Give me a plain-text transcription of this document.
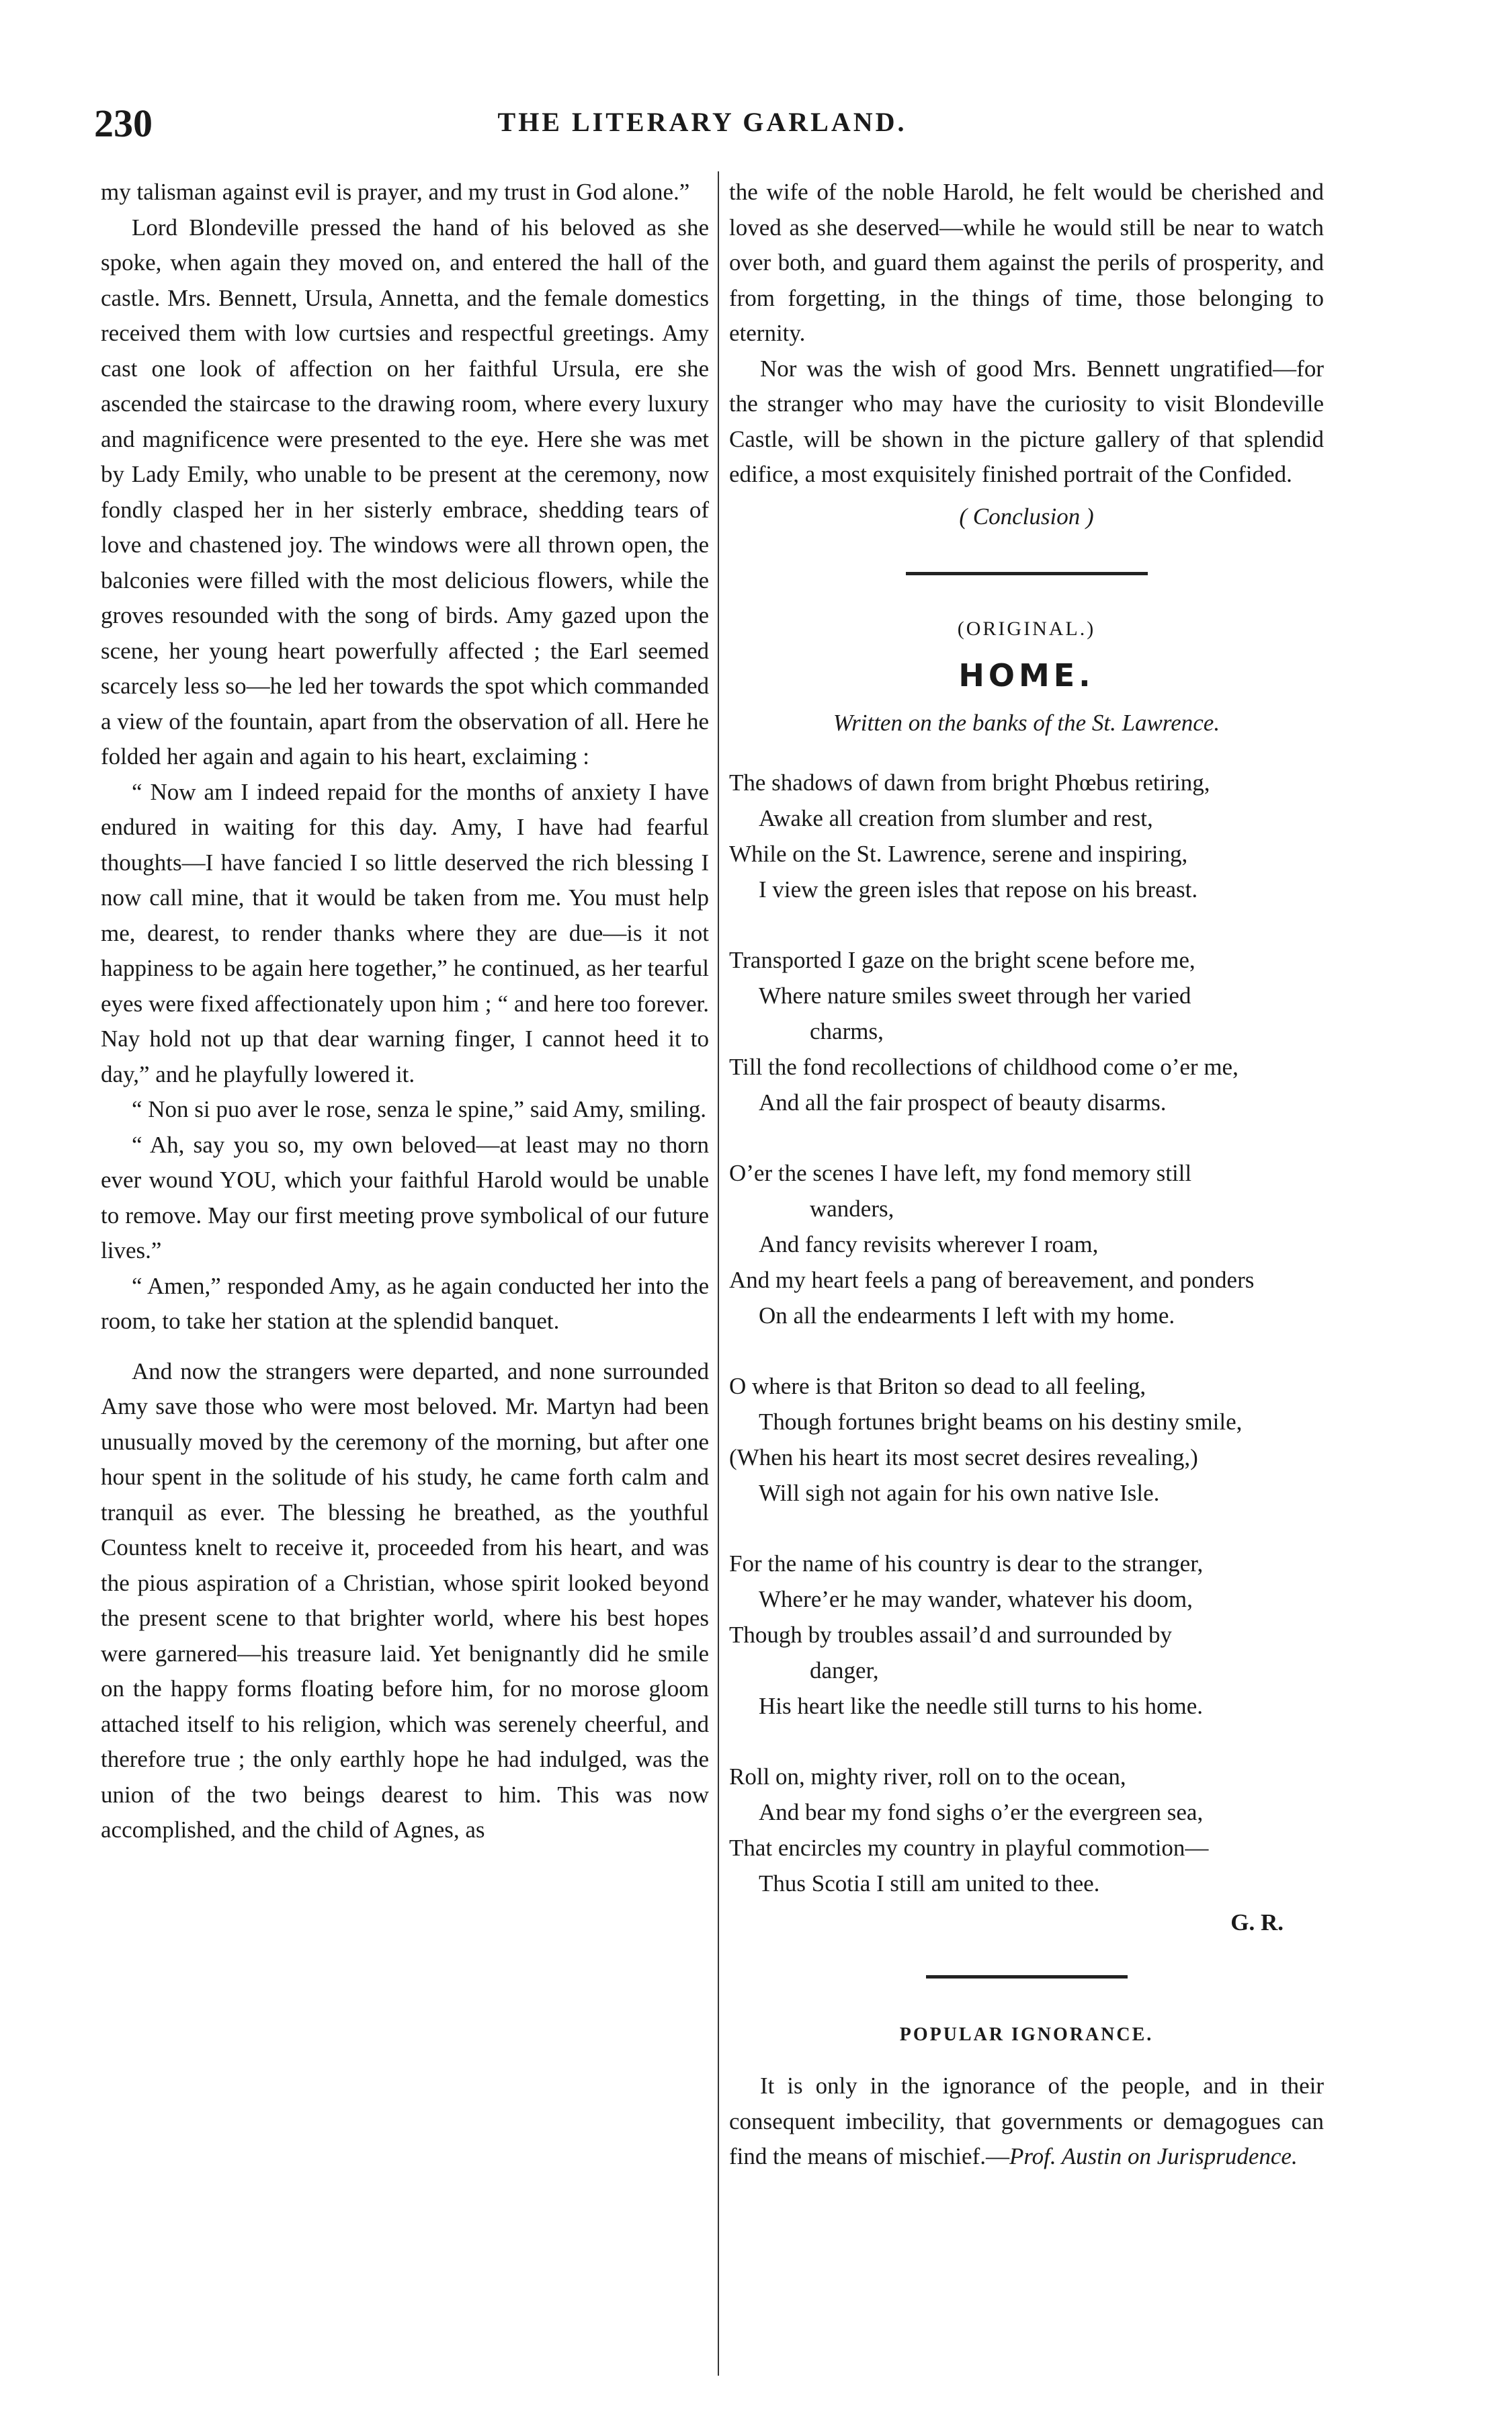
230	THE LITERARY GARLAND.

my talisman against evil is prayer, and my trust in God alone.”

Lord Blondeville pressed the hand of his beloved as she spoke, when again they moved on, and entered the hall of the castle. Mrs. Bennett, Ursula, Annetta, and the female domestics received them with low curtsies and respectful greetings. Amy cast one look of affection on her faithful Ursula, ere she ascended the staircase to the drawing room, where every luxury and magnificence were presented to the eye. Here she was met by Lady Emily, who unable to be present at the ceremony, now fondly clasped her in her sisterly embrace, shedding tears of love and chastened joy. The windows were all thrown open, the balconies were filled with the most delicious flowers, while the groves resounded with the song of birds. Amy gazed upon the scene, her young heart powerfully affected ; the Earl seemed scarcely less so—he led her towards the spot which commanded a view of the fountain, apart from the observation of all. Here he folded her again and again to his heart, exclaiming :

“ Now am I indeed repaid for the months of anxiety I have endured in waiting for this day. Amy, I have had fearful thoughts—I have fancied I so little deserved the rich blessing I now call mine, that it would be taken from me. You must help me, dearest, to render thanks where they are due—is it not happiness to be again here together,” he continued, as her tearful eyes were fixed affectionately upon him ; “ and here too forever. Nay hold not up that dear warning finger, I cannot heed it to day,” and he playfully lowered it.

“ Non si puo aver le rose, senza le spine,” said Amy, smiling.

“ Ah, say you so, my own beloved—at least may no thorn ever wound YOU, which your faithful Harold would be unable to remove. May our first meeting prove symbolical of our future lives.”

“ Amen,” responded Amy, as he again conducted her into the room, to take her station at the splendid banquet.

And now the strangers were departed, and none surrounded Amy save those who were most beloved. Mr. Martyn had been unusually moved by the ceremony of the morning, but after one hour spent in the solitude of his study, he came forth calm and tranquil as ever. The blessing he breathed, as the youthful Countess knelt to receive it, proceeded from his heart, and was the pious aspiration of a Christian, whose spirit looked beyond the present scene to that brighter world, where his best hopes were garnered—his treasure laid. Yet benignantly did he smile on the happy forms floating before him, for no morose gloom attached itself to his religion, which was serenely cheerful, and therefore true ; the only earthly hope he had indulged, was the union of the two beings dearest to him. This was now accomplished, and the child of Agnes, as

the wife of the noble Harold, he felt would be cherished and loved as she deserved—while he would still be near to watch over both, and guard them against the perils of prosperity, and from forgetting, in the things of time, those belonging to eternity.

Nor was the wish of good Mrs. Bennett ungratified—for the stranger who may have the curiosity to visit Blondeville Castle, will be shown in the picture gallery of that splendid edifice, a most exquisitely finished portrait of the Confided.

( Conclusion )
(ORIGINAL.)
HOME.
Written on the banks of the St. Lawrence.
The shadows of dawn from bright Phœbus retiring,
Awake all creation from slumber and rest,
While on the St. Lawrence, serene and inspiring,
I view the green isles that repose on his breast.
Transported I gaze on the bright scene before me,
Where nature smiles sweet through her varied
charms,
Till the fond recollections of childhood come o’er me,
And all the fair prospect of beauty disarms.
O’er the scenes I have left, my fond memory still
wanders,
And fancy revisits wherever I roam,
And my heart feels a pang of bereavement, and ponders
On all the endearments I left with my home.
O where is that Briton so dead to all feeling,
Though fortunes bright beams on his destiny smile,
(When his heart its most secret desires revealing,)
Will sigh not again for his own native Isle.
For the name of his country is dear to the stranger,
Where’er he may wander, whatever his doom,
Though by troubles assail’d and surrounded by
danger,
His heart like the needle still turns to his home.
Roll on, mighty river, roll on to the ocean,
And bear my fond sighs o’er the evergreen sea,
That encircles my country in playful commotion—
Thus Scotia I still am united to thee.
G. R.
POPULAR IGNORANCE.

It is only in the ignorance of the people, and in their consequent imbecility, that governments or demagogues can find the means of mischief.—Prof. Austin on Jurisprudence.
